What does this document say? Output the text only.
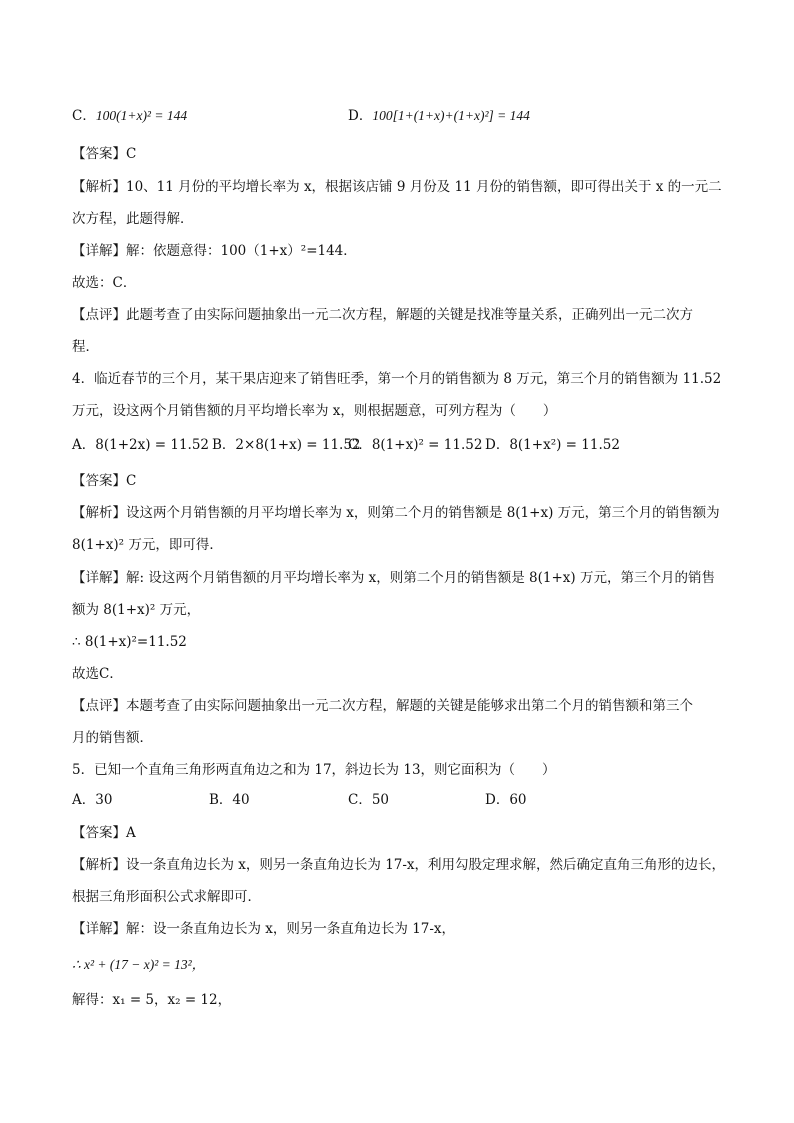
C．100(1+x)² = 144	D．100[1+(1+x)+(1+x)²] = 144
【答案】C
【解析】10、11 月份的平均增长率为 x，根据该店铺 9 月份及 11 月份的销售额，即可得出关于 x 的一元二
次方程，此题得解．
【详解】解：依题意得：100（1+x）²=144．
故选：C．
【点评】此题考查了由实际问题抽象出一元二次方程，解题的关键是找准等量关系，正确列出一元二次方
程．
4．临近春节的三个月，某干果店迎来了销售旺季，第一个月的销售额为 8 万元，第三个月的销售额为 11.52
万元，设这两个月销售额的月平均增长率为 x，则根据题意，可列方程为（　　）
A．8(1+2x) = 11.52 B．2×8(1+x) = 11.52
C．8(1+x)² = 11.52 D．8(1+x²) = 11.52
【答案】C
【解析】设这两个月销售额的月平均增长率为 x，则第二个月的销售额是 8(1+x) 万元，第三个月的销售额为
8(1+x)² 万元，即可得．
【详解】解: 设这两个月销售额的月平均增长率为 x，则第二个月的销售额是 8(1+x) 万元，第三个月的销售
额为 8(1+x)² 万元，
∴ 8(1+x)²=11.52
故选C．
【点评】本题考查了由实际问题抽象出一元二次方程，解题的关键是能够求出第二个月的销售额和第三个
月的销售额．
5．已知一个直角三角形两直角边之和为 17，斜边长为 13，则它面积为（　　）
A．30	B．40	C．50	D．60
【答案】A
【解析】设一条直角边长为 x，则另一条直角边长为 17-x，利用勾股定理求解，然后确定直角三角形的边长，
根据三角形面积公式求解即可．
【详解】解：设一条直角边长为 x，则另一条直角边长为 17-x，
∴ x² + (17 − x)² = 13²，
解得：x₁ = 5，x₂ = 12，
